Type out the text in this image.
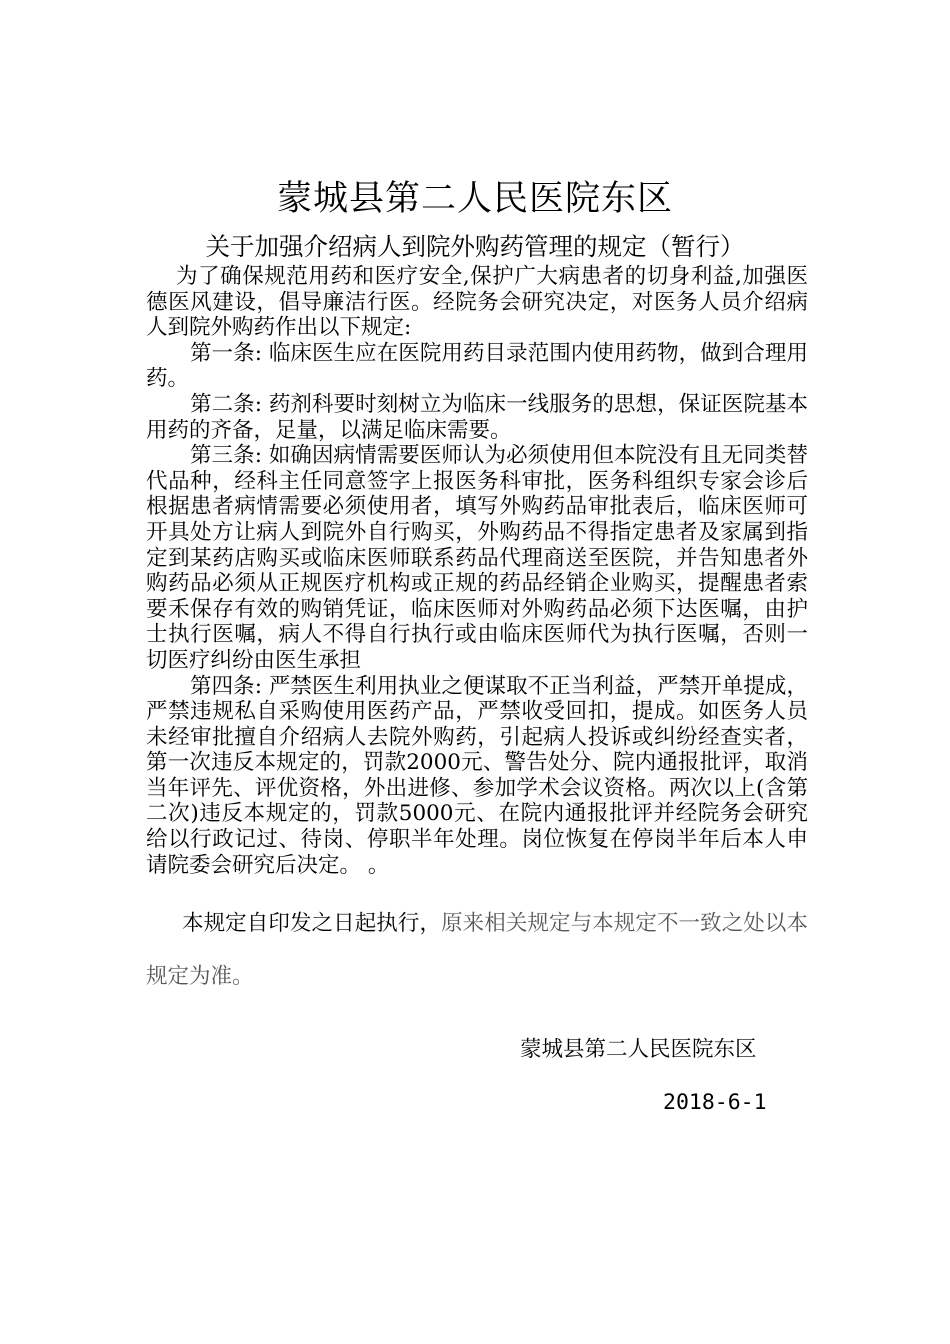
蒙城县第二人民医院东区
关于加强介绍病人到院外购药管理的规定（暂行）

为了确保规范用药和医疗安全,保护广大病患者的切身利益,加强医德医风建设，倡导廉洁行医。经院务会研究决定，对医务人员介绍病人到院外购药作出以下规定:

第一条: 临床医生应在医院用药目录范围内使用药物，做到合理用药。

第二条: 药剂科要时刻树立为临床一线服务的思想，保证医院基本用药的齐备，足量，以满足临床需要。

第三条: 如确因病情需要医师认为必须使用但本院没有且无同类替代品种，经科主任同意签字上报医务科审批，医务科组织专家会诊后根据患者病情需要必须使用者，填写外购药品审批表后，临床医师可开具处方让病人到院外自行购买，外购药品不得指定患者及家属到指定到某药店购买或临床医师联系药品代理商送至医院，并告知患者外购药品必须从正规医疗机构或正规的药品经销企业购买，提醒患者索要禾保存有效的购销凭证，临床医师对外购药品必须下达医嘱，由护士执行医嘱，病人不得自行执行或由临床医师代为执行医嘱，否则一切医疗纠纷由医生承担

第四条: 严禁医生利用执业之便谋取不正当利益，严禁开单提成，严禁违规私自采购使用医药产品，严禁收受回扣，提成。如医务人员未经审批擅自介绍病人去院外购药，引起病人投诉或纠纷经查实者，第一次违反本规定的，罚款2000元、警告处分、院内通报批评，取消当年评先、评优资格，外出进修、参加学术会议资格。两次以上(含第二次)违反本规定的，罚款5000元、在院内通报批评并经院务会研究给以行政记过、待岗、停职半年处理。岗位恢复在停岗半年后本人申请院委会研究后决定。 。

本规定自印发之日起执行，原来相关规定与本规定不一致之处以本规定为准。

蒙城县第二人民医院东区
2018-6-1
